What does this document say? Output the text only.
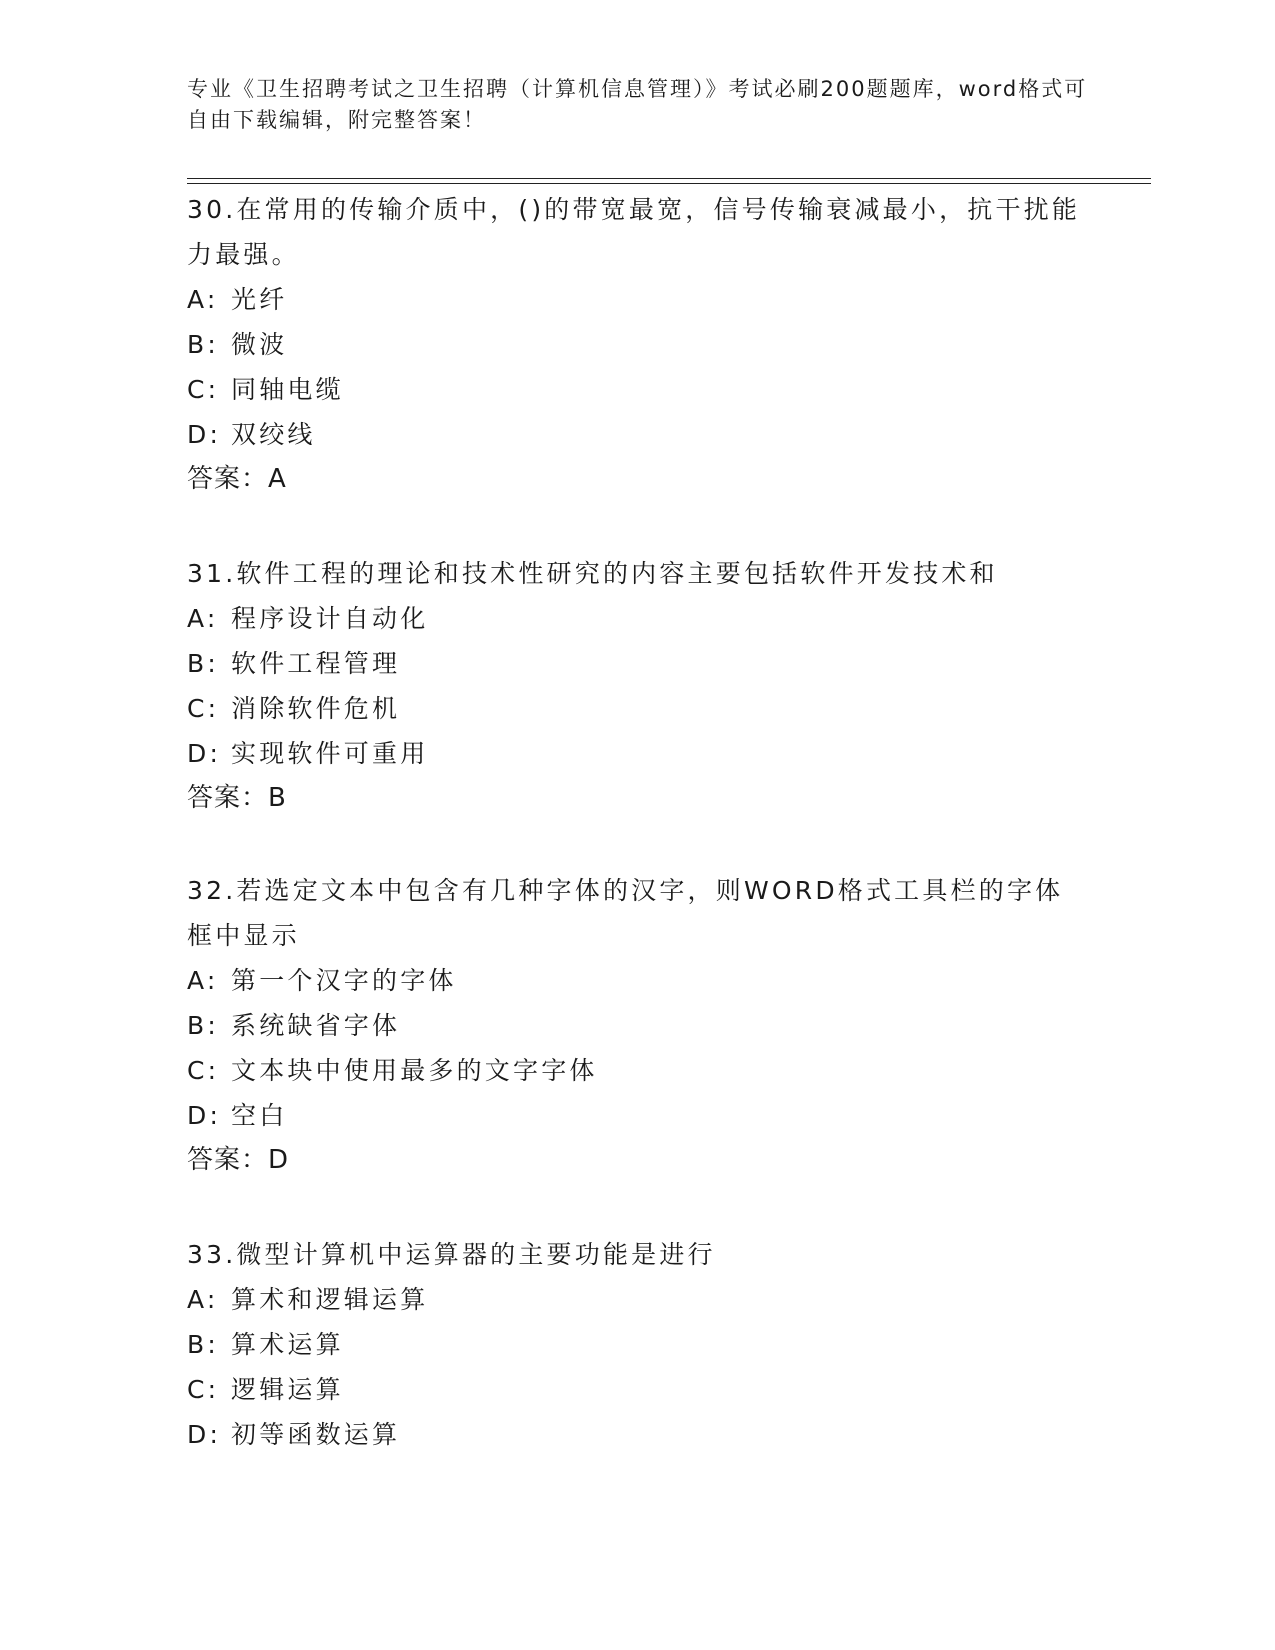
专业《卫生招聘考试之卫生招聘（计算机信息管理）》考试必刷200题题库，word格式可自由下载编辑，附完整答案！
30.在常用的传输介质中，()的带宽最宽，信号传输衰减最小，抗干扰能力最强。
A: 光纤
B: 微波
C: 同轴电缆
D: 双绞线
答案：A
31.软件工程的理论和技术性研究的内容主要包括软件开发技术和
A: 程序设计自动化
B: 软件工程管理
C: 消除软件危机
D: 实现软件可重用
答案：B
32.若选定文本中包含有几种字体的汉字，则WORD格式工具栏的字体框中显示
A: 第一个汉字的字体
B: 系统缺省字体
C: 文本块中使用最多的文字字体
D: 空白
答案：D
33.微型计算机中运算器的主要功能是进行
A: 算术和逻辑运算
B: 算术运算
C: 逻辑运算
D: 初等函数运算
